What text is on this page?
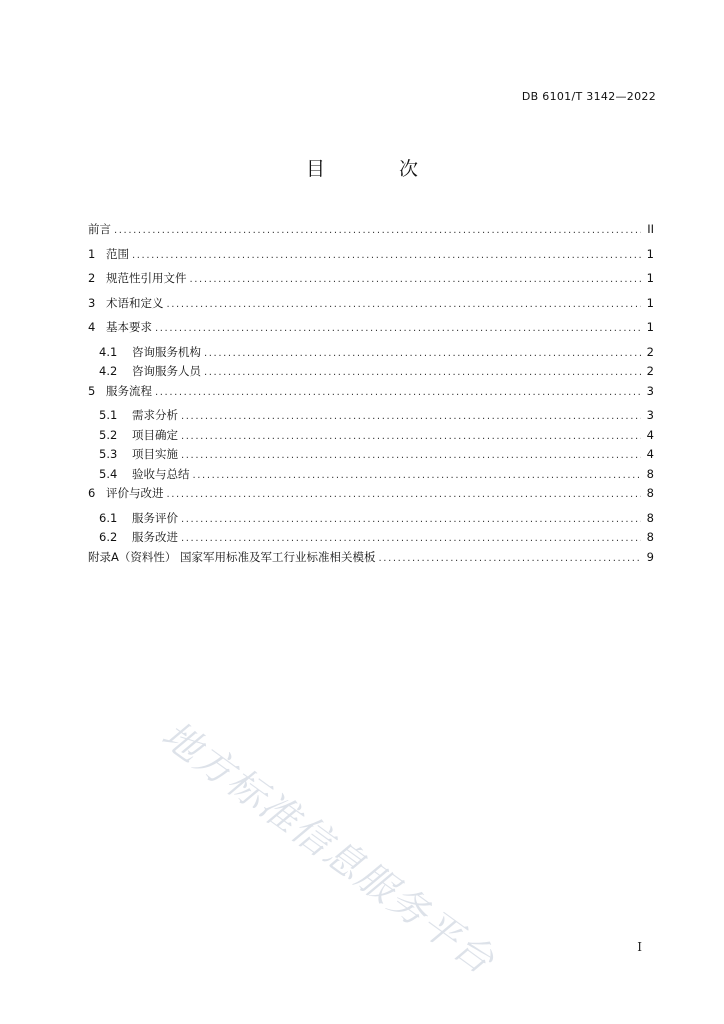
DB 6101/T 3142—2022
目 次
前言 .....	II
1 范围 .....	1
2 规范性引用文件 .....	1
3 术语和定义 .....	1
4 基本要求 .....	1
4.1	咨询服务机构 .....	2
4.2	咨询服务人员 .....	2
5 服务流程 .....	3
5.1	需求分析 .....	3
5.2	项目确定 .....	4
5.3	项目实施 .....	4
5.4	验收与总结 .....	8
6 评价与改进 .....	8
6.1	服务评价 .....	8
6.2	服务改进 .....	8
附录A（资料性） 国家军用标准及军工行业标准相关模板 .....	9
地方标准信息服务平台	I
